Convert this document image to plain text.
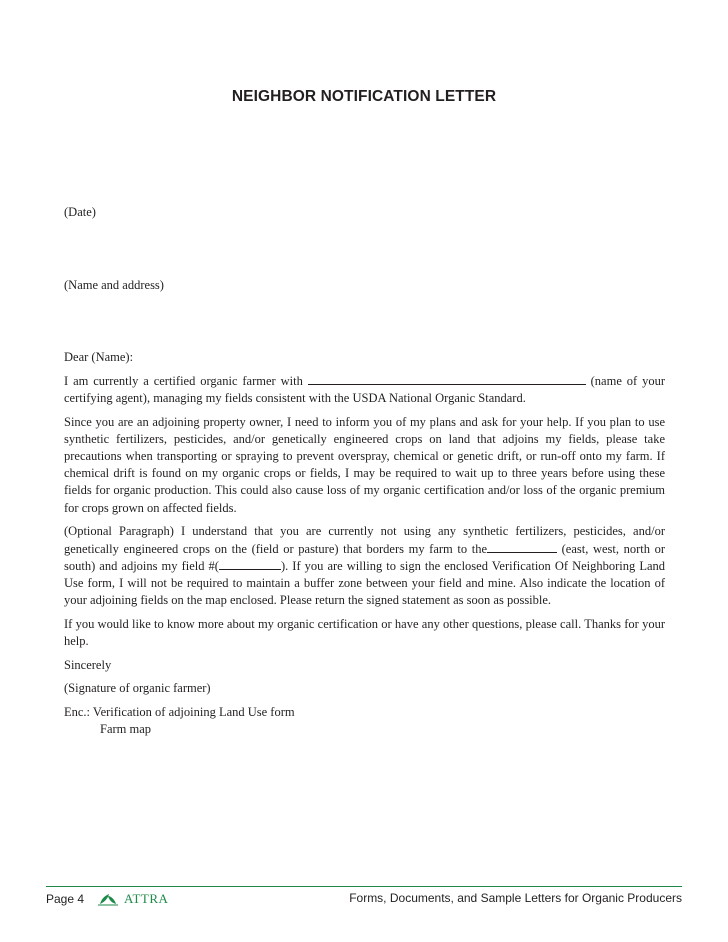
NEIGHBOR NOTIFICATION LETTER
(Date)
(Name and address)

Dear (Name):

I am currently a certified organic farmer with	(name of your certifying agent), managing my fields consistent with the USDA National Organic Standard.

Since you are an adjoining property owner, I need to inform you of my plans and ask for your help. If you plan to use synthetic fertilizers, pesticides, and/or genetically engineered crops on land that adjoins my fields, please take precautions when transporting or spraying to prevent overspray, chemical or genetic drift, or run-off onto my farm. If chemical drift is found on my organic crops or fields, I may be required to wait up to three years before using these fields for organic production. This could also cause loss of my organic certification and/or loss of the organic premium for crops grown on affected fields.

(Optional Paragraph) I understand that you are currently not using any synthetic fertilizers, pesticides, and/or genetically engineered crops on the (field or pasture) that borders my farm to the	(east, west, north or south) and adjoins my field #(	). If you are willing to sign the enclosed Verification Of Neighboring Land Use form, I will not be required to maintain a buffer zone between your field and mine. Also indicate the location of your adjoining fields on the map enclosed. Please return the signed statement as soon as possible.

If you would like to know more about my organic certification or have any other questions, please call. Thanks for your help.

Sincerely

(Signature of organic farmer)

Enc.: Verification of adjoining Land Use form

Farm map

Page 4	ATTRA	Forms, Documents, and Sample Letters for Organic Producers
